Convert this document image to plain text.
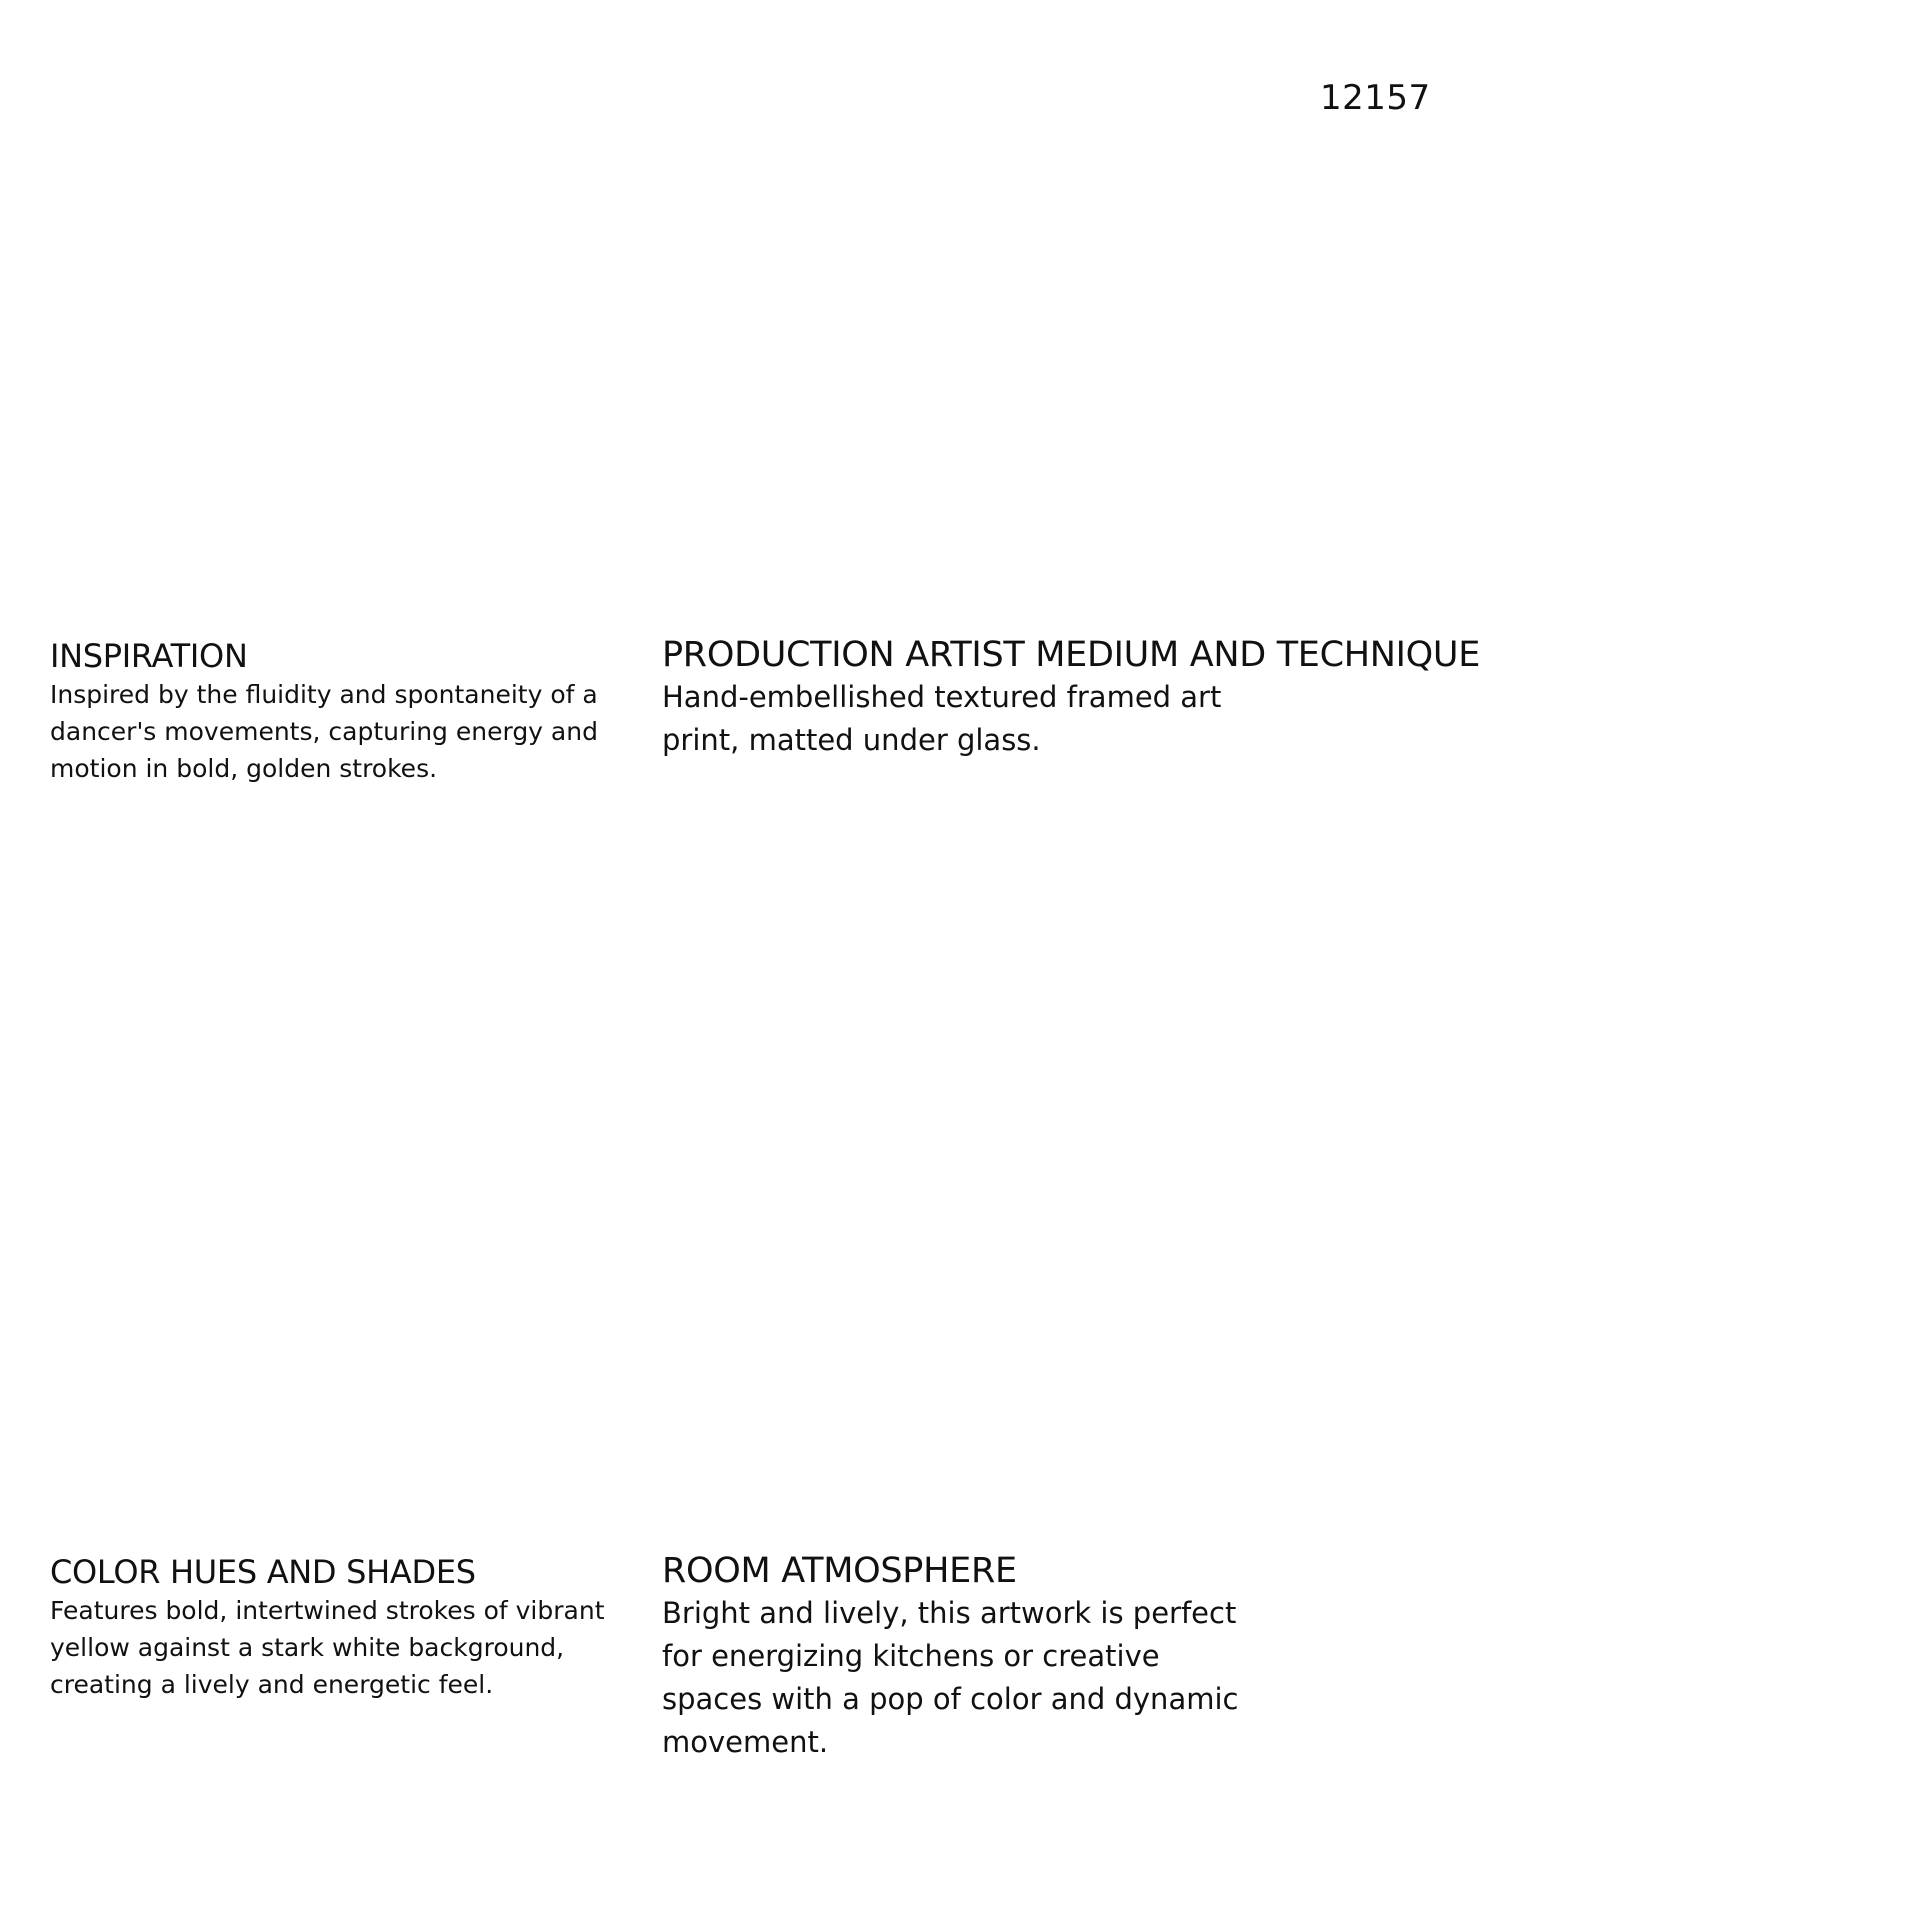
12157
INSPIRATION

Inspired by the fluidity and spontaneity of a dancer's movements, capturing energy and motion in bold, golden strokes.

PRODUCTION ARTIST MEDIUM AND TECHNIQUE

Hand-embellished textured framed art print, matted under glass.

COLOR HUES AND SHADES

Features bold, intertwined strokes of vibrant yellow against a stark white background, creating a lively and energetic feel.

ROOM ATMOSPHERE

Bright and lively, this artwork is perfect for energizing kitchens or creative spaces with a pop of color and dynamic movement.
